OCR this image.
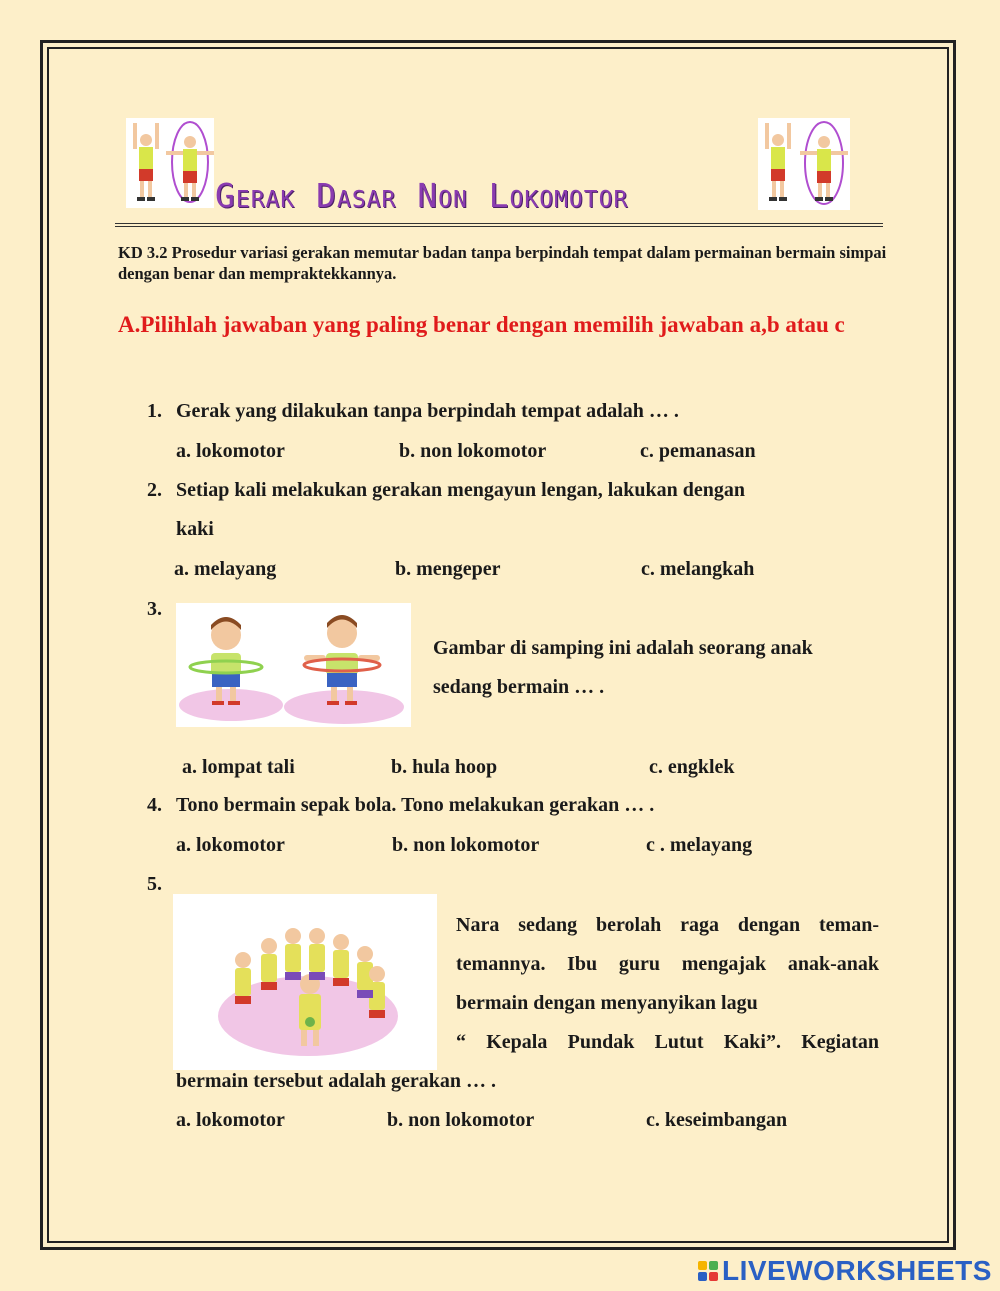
Gerak Dasar Non Lokomotor
KD 3.2 Prosedur variasi gerakan memutar badan tanpa berpindah tempat dalam permainan bermain simpai dengan benar dan mempraktekkannya.
A.Pilihlah jawaban yang paling benar dengan memilih jawaban a,b atau c
1. Gerak yang dilakukan tanpa berpindah tempat adalah … .
a. lokomotor	b. non lokomotor	c. pemanasan
2. Setiap kali melakukan gerakan mengayun lengan, lakukan dengan
kaki
a. melayang	b. mengeper	c. melangkah
3.
Gambar di samping ini adalah seorang anak
sedang bermain … .
a. lompat tali	b. hula hoop	c. engklek
4. Tono bermain sepak bola. Tono melakukan gerakan … .
a. lokomotor	b. non lokomotor	c . melayang
5.
Nara sedang berolah raga dengan teman-
temannya. Ibu guru mengajak anak-anak
bermain dengan menyanyikan lagu
“ Kepala Pundak Lutut Kaki”. Kegiatan
bermain tersebut adalah gerakan … .
a. lokomotor	b. non lokomotor	c. keseimbangan
LIVEWORKSHEETS
